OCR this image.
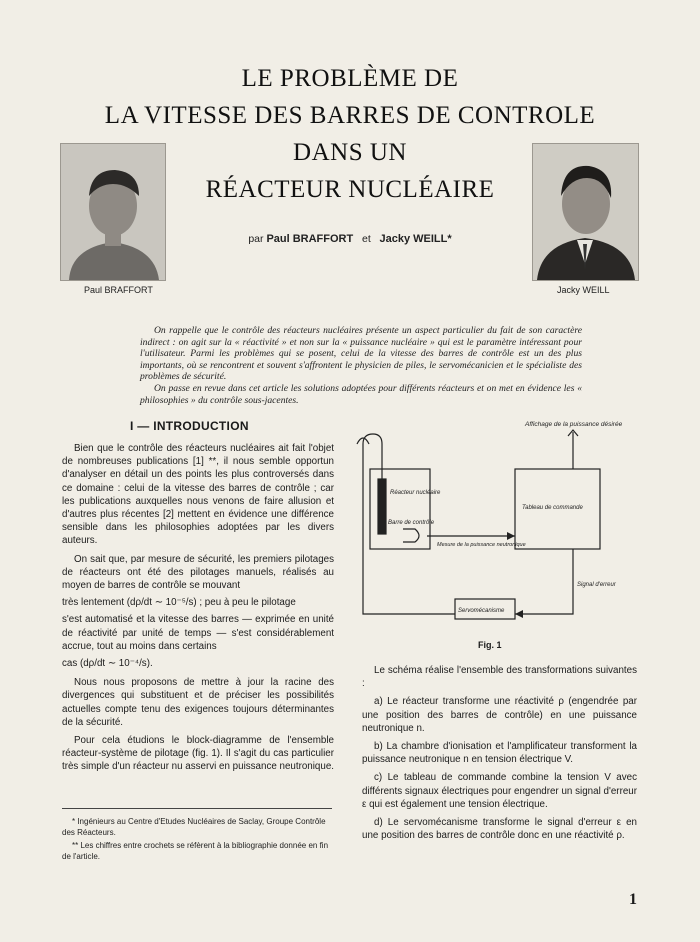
LE PROBLÈME DE
LA VITESSE DES BARRES DE CONTROLE
DANS UN
RÉACTEUR NUCLÉAIRE
Paul BRAFFORT	Jacky WEILL
par Paul BRAFFORT et Jacky WEILL*

On rappelle que le contrôle des réacteurs nucléaires présente un aspect particulier du fait de son caractère indirect : on agit sur la « réactivité » et non sur la « puissance nucléaire » qui est le paramètre intéressant pour l'utilisateur. Parmi les problèmes qui se posent, celui de la vitesse des barres de contrôle est un des plus importants, où se rencontrent et souvent s'affrontent le physicien de piles, le servomécanicien et le spécialiste des problèmes de sécurité.

On passe en revue dans cet article les solutions adoptées pour différents réacteurs et on met en évidence les « philosophies » du contrôle sous-jacentes.

I — INTRODUCTION

Bien que le contrôle des réacteurs nucléaires ait fait l'objet de nombreuses publications [1] **, il nous semble opportun d'analyser en détail un des points les plus controversés dans ce domaine : celui de la vitesse des barres de contrôle ; car les publications auxquelles nous venons de faire allusion et d'autres plus récentes [2] mettent en évidence une différence sensible dans les philosophies adoptées par les divers auteurs.

On sait que, par mesure de sécurité, les premiers pilotages de réacteurs ont été des pilotages manuels, réalisés au moyen de barres de contrôle se mouvant

très lentement (dρ/dt ∼ 10⁻⁵/s) ; peu à peu le pilotage

s'est automatisé et la vitesse des barres — exprimée en unité de réactivité par unité de temps — s'est considérablement accrue, tout au moins dans certains

cas (dρ/dt ∼ 10⁻⁴/s).

Nous nous proposons de mettre à jour la racine des divergences qui substituent et de préciser les possibilités actuelles compte tenu des exigences toujours déterminantes de la sécurité.

Pour cela étudions le block-diagramme de l'ensemble réacteur-système de pilotage (fig. 1). Il s'agit du cas particulier très simple d'un réacteur nu asservi en puissance neutronique.

* Ingénieurs au Centre d'Etudes Nucléaires de Saclay, Groupe Contrôle des Réacteurs.

** Les chiffres entre crochets se réfèrent à la bibliographie donnée en fin de l'article.

Affichage de la puissance désirée
Réacteur nucléaire
Barre de contrôle
Mesure de la puissance neutronique
Tableau de commande
Signal d'erreur
Servomécanisme
Fig. 1

Le schéma réalise l'ensemble des transformations suivantes :

a) Le réacteur transforme une réactivité ρ (engendrée par une position des barres de contrôle) en une puissance neutronique n.

b) La chambre d'ionisation et l'amplificateur transforment la puissance neutronique n en tension électrique V.

c) Le tableau de commande combine la tension V avec différents signaux électriques pour engendrer un signal d'erreur ε qui est également une tension électrique.

d) Le servomécanisme transforme le signal d'erreur ε en une position des barres de contrôle donc en une réactivité ρ.

1
